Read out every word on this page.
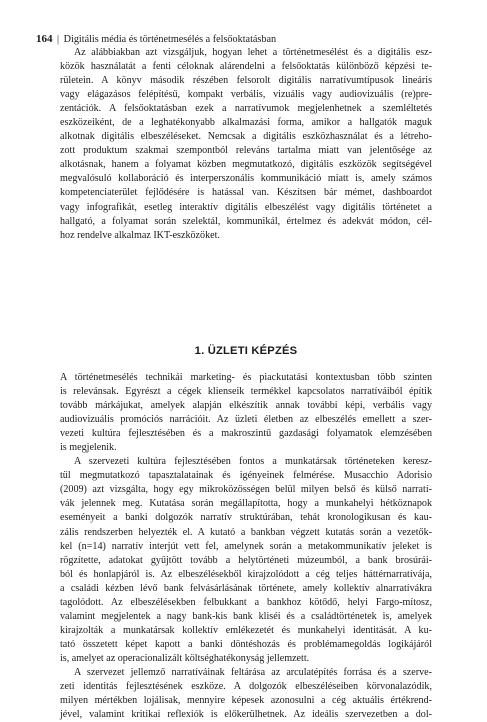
164 | Digitális média és történetmesélés a felsőoktatásban
Az alábbiakban azt vizsgáljuk, hogyan lehet a történetmesélést és a digitális esz-
közök használatát a fenti céloknak alárendelni a felsőoktatás különböző képzési te-
rületein. A könyv második részében felsorolt digitális narratívumtípusok lineáris
vagy elágazásos felépítésű, kompakt verbális, vizuális vagy audiovizuális (re)pre-
zentációk. A felsőoktatásban ezek a narratívumok megjelenhetnek a szemléltetés
eszközeiként, de a leghatékonyabb alkalmazási forma, amikor a hallgatók maguk
alkotnak digitális elbeszéléseket. Nemcsak a digitális eszközhasználat és a létreho-
zott produktum szakmai szempontból releváns tartalma miatt van jelentősége az
alkotásnak, hanem a folyamat közben megmutatkozó, digitális eszközök segítségével
megvalósuló kollaboráció és interperszonális kommunikáció miatt is, amely számos
kompetenciaterület fejlődésére is hatással van. Készítsen bár mémet, dashboardot
vagy infografikát, esetleg interaktív digitális elbeszélést vagy digitális történetet a
hallgató, a folyamat során szelektál, kommunikál, értelmez és adekvát módon, cél-
hoz rendelve alkalmaz IKT-eszközöket.
1. ÜZLETI KÉPZÉS
A történetmesélés technikái marketing- és piackutatási kontextusban több szinten
is relevánsak. Egyrészt a cégek klienseik termékkel kapcsolatos narratíváiból építik
tovább márkájukat, amelyek alapján elkészítik annak további képi, verbális vagy
audiovizuális promóciós narrációit. Az üzleti életben az elbeszélés emellett a szer-
vezeti kultúra fejlesztésében és a makroszintű gazdasági folyamatok elemzésében
is megjelenik.
A szervezeti kultúra fejlesztésében fontos a munkatársak történeteken keresz-
tül megmutatkozó tapasztalatainak és igényeinek felmérése. Musacchio Adorisio
(2009) azt vizsgálta, hogy egy mikroközösségen belül milyen belső és külső narratí-
vák jelennek meg. Kutatása során megállapította, hogy a munkahelyi hétköznapok
eseményeit a banki dolgozók narratív struktúrában, tehát kronologikusan és kau-
zális rendszerben helyezték el. A kutató a bankban végzett kutatás során a vezetők-
kel (n=14) narratív interjút vett fel, amelynek során a metakommunikatív jeleket is
rögzítette, adatokat gyűjtött tovább a helytörténeti múzeumból, a bank brosúrái-
ból és honlapjáról is. Az elbeszélésekből kirajzolódott a cég teljes háttérnarratívája,
a családi kézben lévő bank felvásárlásának története, amely kollektív alnarratívákra
tagolódott. Az elbeszélésekben felbukkant a bankhoz kötődő, helyi Fargo-mítosz,
valamint megjelentek a nagy bank-kis bank kliséi és a családtörténetek is, amelyek
kirajzolták a munkatársak kollektív emlékezetét és munkahelyi identitását. A ku-
tató összetett képet kapott a banki döntéshozás és problémamegoldás logikájáról
is, amelyet az operacionalizált költséghatékonyság jellemzett.
A szervezet jellemző narratíváinak feltárása az arculatépítés forrása és a szerve-
zeti identitás fejlesztésének eszköze. A dolgozók elbeszéléseiben körvonalazódik,
milyen mértékben lojálisak, mennyire képesek azonosulni a cég aktuális értékrend-
jével, valamint kritikai reflexiók is előkerülhetnek. Az ideális szervezetben a dol-
